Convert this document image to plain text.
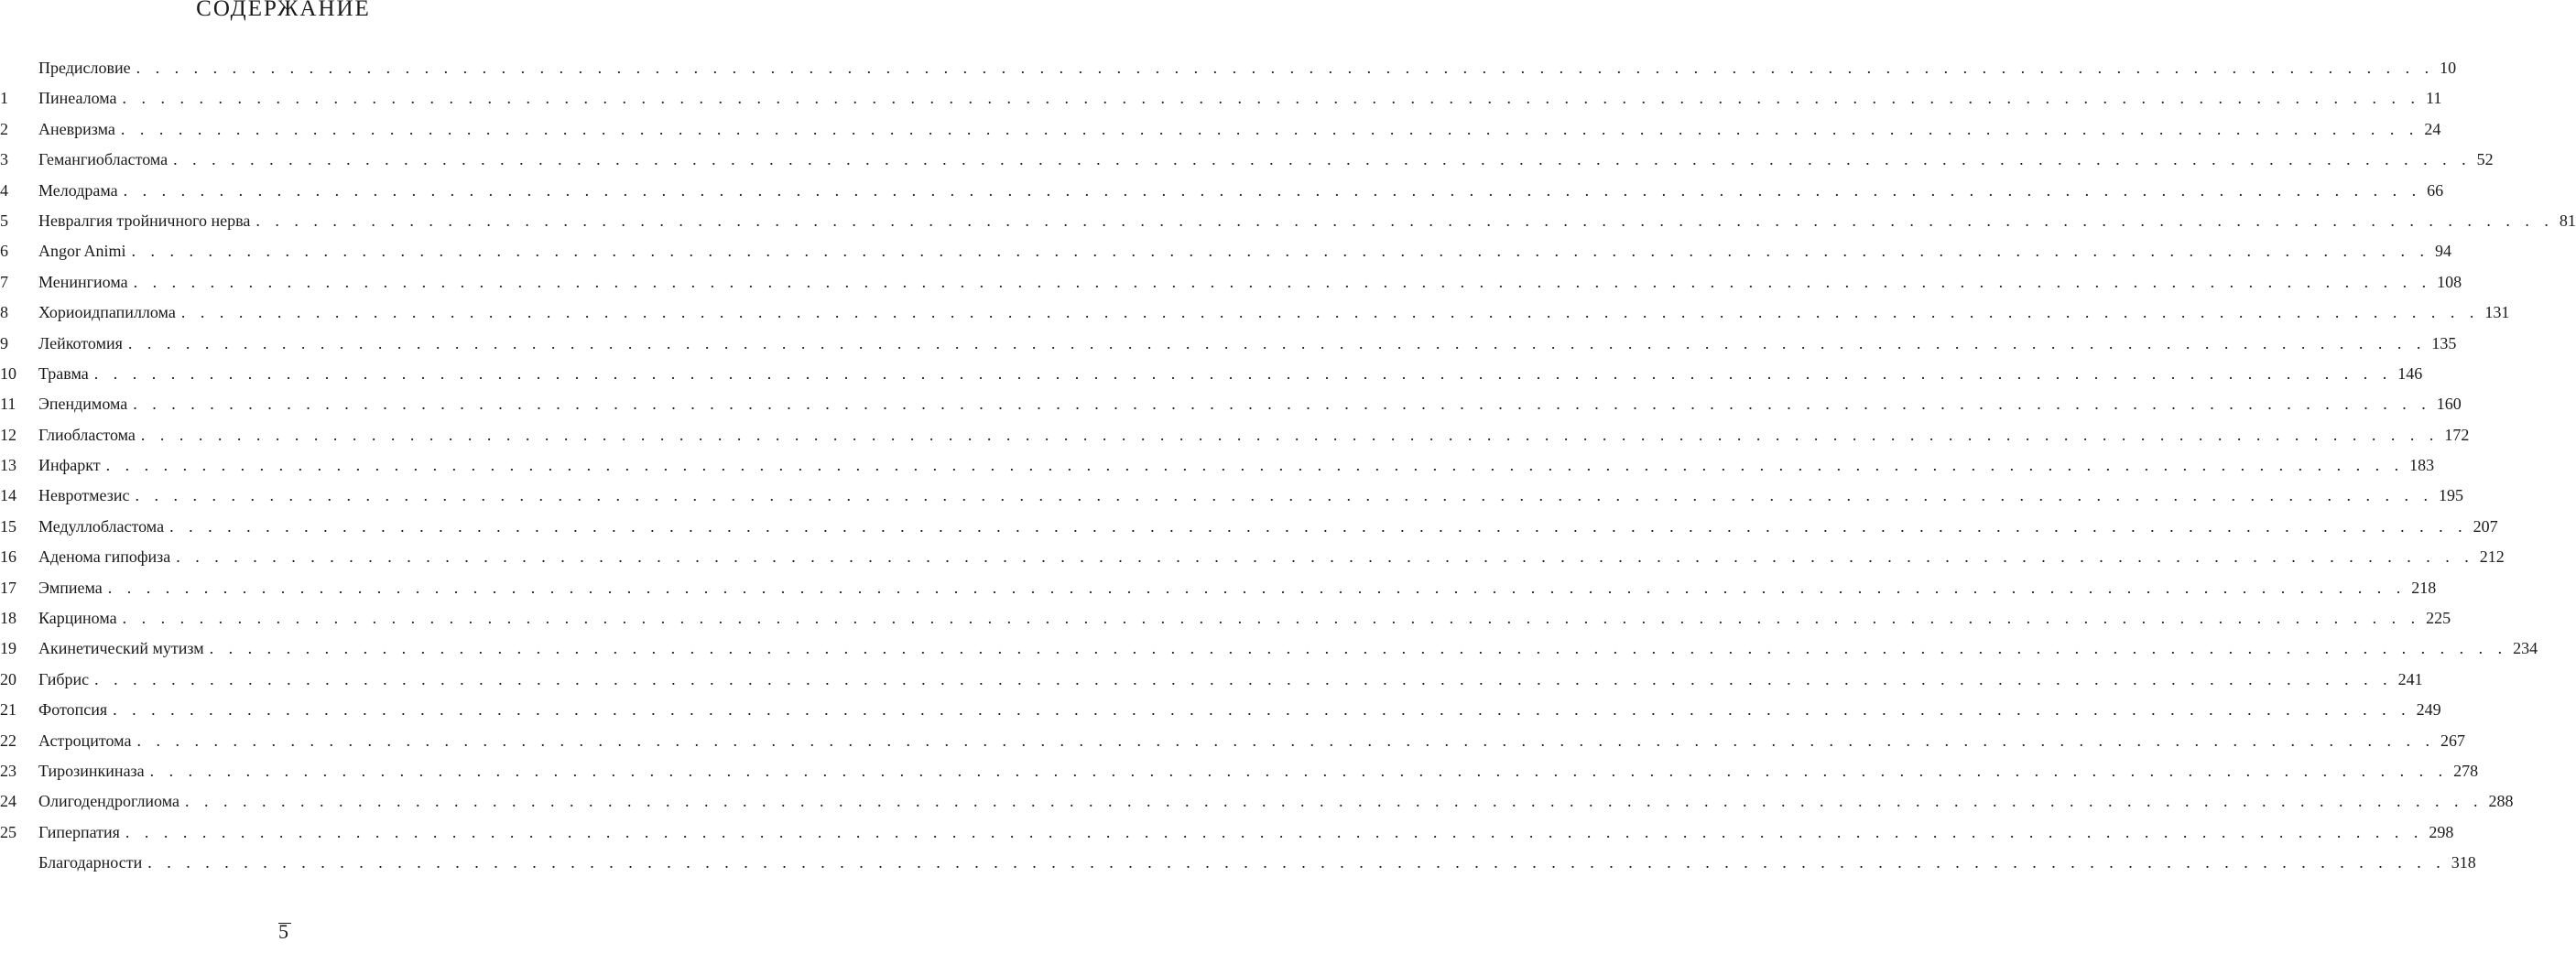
СОДЕРЖАНИЕ
Предисловие . . . . . . . . . . . . . . . . . . . . . . . . . . . . . . . . . . . . . . . . . . . . . . . . . . . . . . . . . . . . . . . . . . . . . . . . . . . . . . . . . . . . . . . . . . . . . . . . . . . . . . . . . . . . . . . . . . . . . . . . 10
1	Пинеалома . . . . . . . . . . . . . . . . . . . . . . . . . . . . . . . . . . . . . . . . . . . . . . . . . . . . . . . . . . . . . . . . . . . . . . . . . . . . . . . . . . . . . . . . . . . . . . . . . . . . . . . . . . . . . . . . . . . . . . . . 11
2	Аневризма . . . . . . . . . . . . . . . . . . . . . . . . . . . . . . . . . . . . . . . . . . . . . . . . . . . . . . . . . . . . . . . . . . . . . . . . . . . . . . . . . . . . . . . . . . . . . . . . . . . . . . . . . . . . . . . . . . . . . . . . 24
3	Гемангиобластома . . . . . . . . . . . . . . . . . . . . . . . . . . . . . . . . . . . . . . . . . . . . . . . . . . . . . . . . . . . . . . . . . . . . . . . . . . . . . . . . . . . . . . . . . . . . . . . . . . . . . . . . . . . . . . . . . . . . . . . . 52
4	Мелодрама . . . . . . . . . . . . . . . . . . . . . . . . . . . . . . . . . . . . . . . . . . . . . . . . . . . . . . . . . . . . . . . . . . . . . . . . . . . . . . . . . . . . . . . . . . . . . . . . . . . . . . . . . . . . . . . . . . . . . . . . 66
5	Невралгия тройничного нерва . . . . . . . . . . . . . . . . . . . . . . . . . . . . . . . . . . . . . . . . . . . . . . . . . . . . . . . . . . . . . . . . . . . . . . . . . . . . . . . . . . . . . . . . . . . . . . . . . . . . . . . . . . . . . . . . . . . . . . . . 81
6	Angor Animi . . . . . . . . . . . . . . . . . . . . . . . . . . . . . . . . . . . . . . . . . . . . . . . . . . . . . . . . . . . . . . . . . . . . . . . . . . . . . . . . . . . . . . . . . . . . . . . . . . . . . . . . . . . . . . . . . . . . . . . . 94
7	Менингиома . . . . . . . . . . . . . . . . . . . . . . . . . . . . . . . . . . . . . . . . . . . . . . . . . . . . . . . . . . . . . . . . . . . . . . . . . . . . . . . . . . . . . . . . . . . . . . . . . . . . . . . . . . . . . . . . . . . . . . . . 108
8	Хориоидпапиллома . . . . . . . . . . . . . . . . . . . . . . . . . . . . . . . . . . . . . . . . . . . . . . . . . . . . . . . . . . . . . . . . . . . . . . . . . . . . . . . . . . . . . . . . . . . . . . . . . . . . . . . . . . . . . . . . . . . . . . . . 131
9	Лейкотомия . . . . . . . . . . . . . . . . . . . . . . . . . . . . . . . . . . . . . . . . . . . . . . . . . . . . . . . . . . . . . . . . . . . . . . . . . . . . . . . . . . . . . . . . . . . . . . . . . . . . . . . . . . . . . . . . . . . . . . . . 135
10 Травма . . . . . . . . . . . . . . . . . . . . . . . . . . . . . . . . . . . . . . . . . . . . . . . . . . . . . . . . . . . . . . . . . . . . . . . . . . . . . . . . . . . . . . . . . . . . . . . . . . . . . . . . . . . . . . . . . . . . . . . . 146
11 Эпендимома . . . . . . . . . . . . . . . . . . . . . . . . . . . . . . . . . . . . . . . . . . . . . . . . . . . . . . . . . . . . . . . . . . . . . . . . . . . . . . . . . . . . . . . . . . . . . . . . . . . . . . . . . . . . . . . . . . . . . . . . 160
12 Глиобластома . . . . . . . . . . . . . . . . . . . . . . . . . . . . . . . . . . . . . . . . . . . . . . . . . . . . . . . . . . . . . . . . . . . . . . . . . . . . . . . . . . . . . . . . . . . . . . . . . . . . . . . . . . . . . . . . . . . . . . . . 172
13 Инфаркт . . . . . . . . . . . . . . . . . . . . . . . . . . . . . . . . . . . . . . . . . . . . . . . . . . . . . . . . . . . . . . . . . . . . . . . . . . . . . . . . . . . . . . . . . . . . . . . . . . . . . . . . . . . . . . . . . . . . . . . . 183
14 Невротмезис . . . . . . . . . . . . . . . . . . . . . . . . . . . . . . . . . . . . . . . . . . . . . . . . . . . . . . . . . . . . . . . . . . . . . . . . . . . . . . . . . . . . . . . . . . . . . . . . . . . . . . . . . . . . . . . . . . . . . . . . 195
15 Медуллобластома . . . . . . . . . . . . . . . . . . . . . . . . . . . . . . . . . . . . . . . . . . . . . . . . . . . . . . . . . . . . . . . . . . . . . . . . . . . . . . . . . . . . . . . . . . . . . . . . . . . . . . . . . . . . . . . . . . . . . . . . 207
16 Аденома гипофиза . . . . . . . . . . . . . . . . . . . . . . . . . . . . . . . . . . . . . . . . . . . . . . . . . . . . . . . . . . . . . . . . . . . . . . . . . . . . . . . . . . . . . . . . . . . . . . . . . . . . . . . . . . . . . . . . . . . . . . . . 212
17 Эмпиема . . . . . . . . . . . . . . . . . . . . . . . . . . . . . . . . . . . . . . . . . . . . . . . . . . . . . . . . . . . . . . . . . . . . . . . . . . . . . . . . . . . . . . . . . . . . . . . . . . . . . . . . . . . . . . . . . . . . . . . . 218
18 Карцинома . . . . . . . . . . . . . . . . . . . . . . . . . . . . . . . . . . . . . . . . . . . . . . . . . . . . . . . . . . . . . . . . . . . . . . . . . . . . . . . . . . . . . . . . . . . . . . . . . . . . . . . . . . . . . . . . . . . . . . . . 225
19 Акинетический мутизм . . . . . . . . . . . . . . . . . . . . . . . . . . . . . . . . . . . . . . . . . . . . . . . . . . . . . . . . . . . . . . . . . . . . . . . . . . . . . . . . . . . . . . . . . . . . . . . . . . . . . . . . . . . . . . . . . . . . . . . . 234
20 Гибрис . . . . . . . . . . . . . . . . . . . . . . . . . . . . . . . . . . . . . . . . . . . . . . . . . . . . . . . . . . . . . . . . . . . . . . . . . . . . . . . . . . . . . . . . . . . . . . . . . . . . . . . . . . . . . . . . . . . . . . . . 241
21 Фотопсия . . . . . . . . . . . . . . . . . . . . . . . . . . . . . . . . . . . . . . . . . . . . . . . . . . . . . . . . . . . . . . . . . . . . . . . . . . . . . . . . . . . . . . . . . . . . . . . . . . . . . . . . . . . . . . . . . . . . . . . . 249
22 Астроцитома . . . . . . . . . . . . . . . . . . . . . . . . . . . . . . . . . . . . . . . . . . . . . . . . . . . . . . . . . . . . . . . . . . . . . . . . . . . . . . . . . . . . . . . . . . . . . . . . . . . . . . . . . . . . . . . . . . . . . . . . 267
23 Тирозинкиназа . . . . . . . . . . . . . . . . . . . . . . . . . . . . . . . . . . . . . . . . . . . . . . . . . . . . . . . . . . . . . . . . . . . . . . . . . . . . . . . . . . . . . . . . . . . . . . . . . . . . . . . . . . . . . . . . . . . . . . . . 278
24 Олигодендроглиома . . . . . . . . . . . . . . . . . . . . . . . . . . . . . . . . . . . . . . . . . . . . . . . . . . . . . . . . . . . . . . . . . . . . . . . . . . . . . . . . . . . . . . . . . . . . . . . . . . . . . . . . . . . . . . . . . . . . . . . . 288
25 Гиперпатия . . . . . . . . . . . . . . . . . . . . . . . . . . . . . . . . . . . . . . . . . . . . . . . . . . . . . . . . . . . . . . . . . . . . . . . . . . . . . . . . . . . . . . . . . . . . . . . . . . . . . . . . . . . . . . . . . . . . . . . . 298
Благодарности . . . . . . . . . . . . . . . . . . . . . . . . . . . . . . . . . . . . . . . . . . . . . . . . . . . . . . . . . . . . . . . . . . . . . . . . . . . . . . . . . . . . . . . . . . . . . . . . . . . . . . . . . . . . . . . . . . . . . . . . 318
5
